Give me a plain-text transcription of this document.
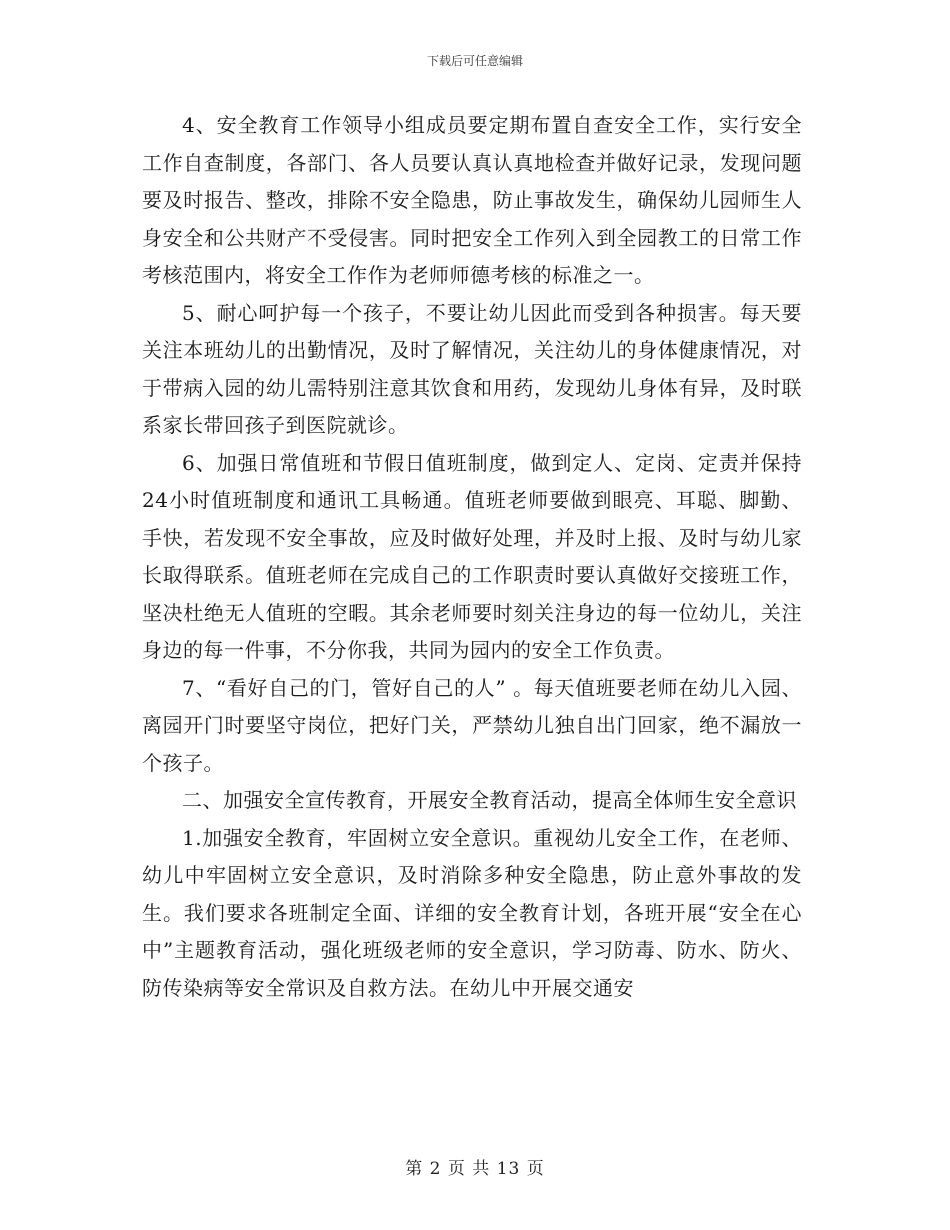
下载后可任意编辑

4、安全教育工作领导小组成员要定期布置自查安全工作，实行安全工作自查制度，各部门、各人员要认真认真地检查并做好记录，发现问题要及时报告、整改，排除不安全隐患，防止事故发生，确保幼儿园师生人身安全和公共财产不受侵害。同时把安全工作列入到全园教工的日常工作考核范围内，将安全工作作为老师师德考核的标准之一。

5、耐心呵护每一个孩子，不要让幼儿因此而受到各种损害。每天要关注本班幼儿的出勤情况，及时了解情况，关注幼儿的身体健康情况，对于带病入园的幼儿需特别注意其饮食和用药，发现幼儿身体有异，及时联系家长带回孩子到医院就诊。

6、加强日常值班和节假日值班制度，做到定人、定岗、定责并保持24小时值班制度和通讯工具畅通。值班老师要做到眼亮、耳聪、脚勤、手快，若发现不安全事故，应及时做好处理，并及时上报、及时与幼儿家长取得联系。值班老师在完成自己的工作职责时要认真做好交接班工作，坚决杜绝无人值班的空暇。其余老师要时刻关注身边的每一位幼儿，关注身边的每一件事，不分你我，共同为园内的安全工作负责。

7、“看好自己的门，管好自己的人” 。每天值班要老师在幼儿入园、离园开门时要坚守岗位，把好门关，严禁幼儿独自出门回家，绝不漏放一个孩子。

二、加强安全宣传教育，开展安全教育活动，提高全体师生安全意识

1.加强安全教育，牢固树立安全意识。重视幼儿安全工作，在老师、幼儿中牢固树立安全意识，及时消除多种安全隐患，防止意外事故的发生。我们要求各班制定全面、详细的安全教育计划，各班开展“安全在心中”主题教育活动，强化班级老师的安全意识，学习防毒、防水、防火、防传染病等安全常识及自救方法。在幼儿中开展交通安

第 2 页 共 13 页
